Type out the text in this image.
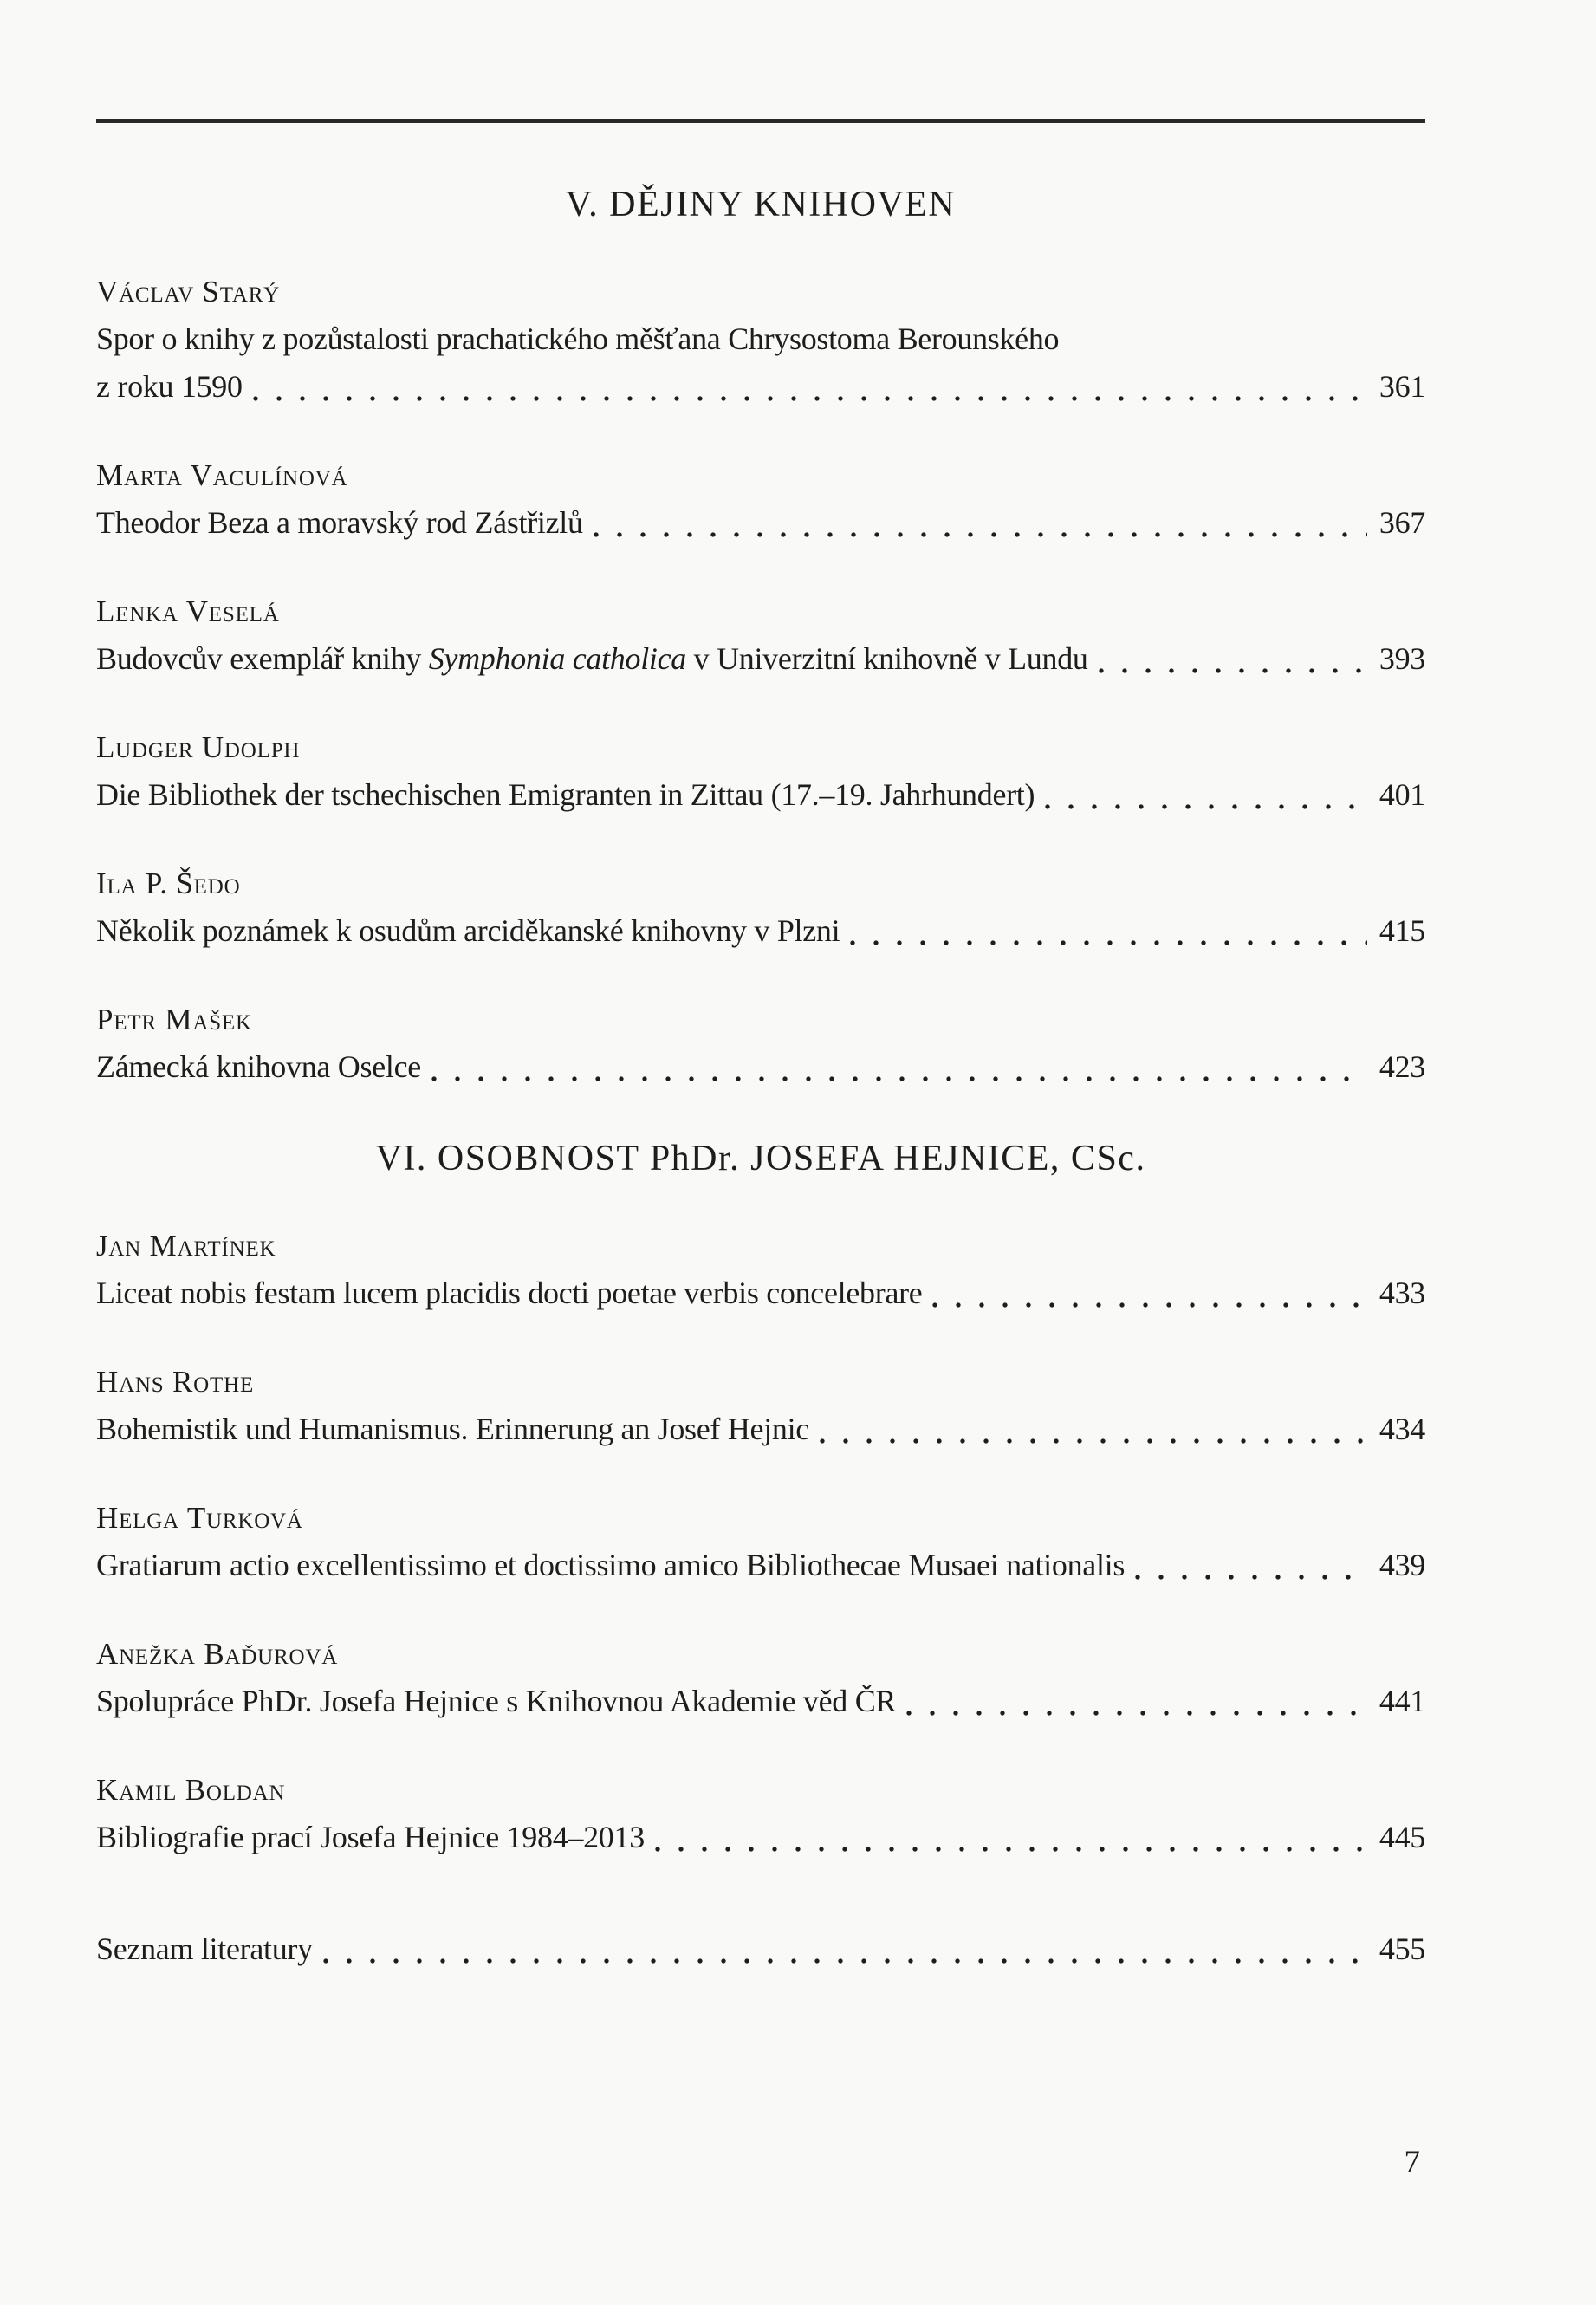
V. DĚJINY KNIHOVEN
Václav Starý
Spor o knihy z pozůstalosti prachatického měšťana Chrysostoma Berounského
z roku 1590	361
Marta Vaculínová
Theodor Beza a moravský rod Zástřizlů	367
Lenka Veselá
Budovcův exemplář knihy Symphonia catholica v Univerzitní knihovně v Lundu	393
Ludger Udolph
Die Bibliothek der tschechischen Emigranten in Zittau (17.–19. Jahrhundert)	401
Ila P. Šedo
Několik poznámek k osudům arciděkanské knihovny v Plzni	415
Petr Mašek
Zámecká knihovna Oselce	423
VI. OSOBNOST PhDr. JOSEFA HEJNICE, CSc.
Jan Martínek
Liceat nobis festam lucem placidis docti poetae verbis concelebrare	433
Hans Rothe
Bohemistik und Humanismus. Erinnerung an Josef Hejnic	434
Helga Turková
Gratiarum actio excellentissimo et doctissimo amico Bibliothecae Musaei nationalis	439
Anežka Baďurová
Spolupráce PhDr. Josefa Hejnice s Knihovnou Akademie věd ČR	441
Kamil Boldan
Bibliografie prací Josefa Hejnice 1984–2013	445
Seznam literatury	455
7
